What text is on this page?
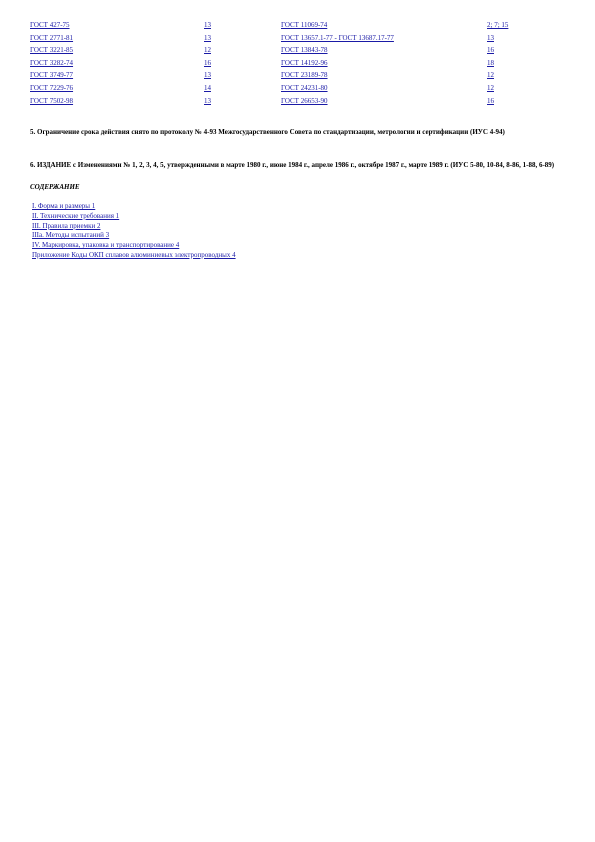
ГОСТ 427-75	13	ГОСТ 11069-74	2; 7; 15
ГОСТ 2771-81	13	ГОСТ 13657.1-77 - ГОСТ 13687.17-77	13
ГОСТ 3221-85	12	ГОСТ 13843-78	16
ГОСТ 3282-74	16	ГОСТ 14192-96	18
ГОСТ 3749-77	13	ГОСТ 23189-78	12
ГОСТ 7229-76	14	ГОСТ 24231-80	12
ГОСТ 7502-98	13	ГОСТ 26653-90	16

5. Ограничение срока действия снято по протоколу № 4-93 Межгосударственного Совета по стандартизации, метрологии и сертификации (ИУС 4-94)

6. ИЗДАНИЕ с Изменениями № 1, 2, 3, 4, 5, утвержденными в марте 1980 г., июне 1984 г., апреле 1986 г., октябре 1987 г., марте 1989 г. (ИУС 5-80, 10-84, 8-86, 1-88, 6-89)

СОДЕРЖАНИЕ
I. Форма и размеры 1
II. Технические требования 1
III. Правила приемки 2
IIIа. Методы испытаний 3
IV. Маркировка, упаковка и транспортирование 4
Приложение Коды ОКП сплавов алюминиевых электропроводных 4
